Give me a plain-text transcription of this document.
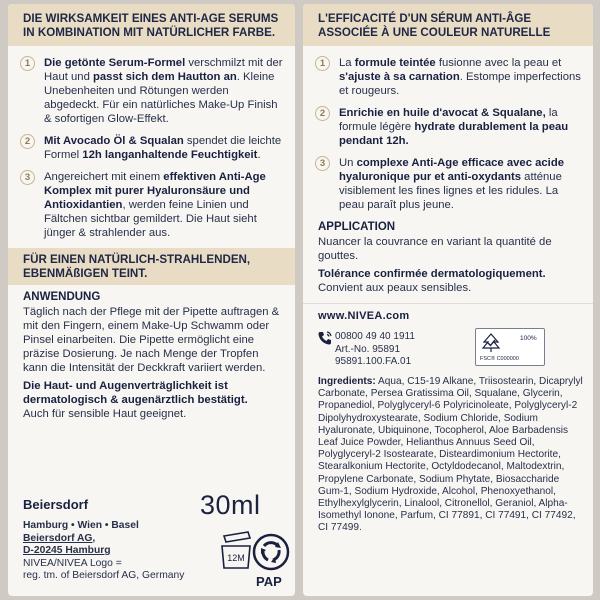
DIE WIRKSAMKEIT EINES ANTI-AGE SERUMS IN KOMBINATION MIT NATÜRLICHER FARBE.
1	Die getönte Serum-Formel verschmilzt mit der Haut und passt sich dem Hautton an. Kleine Unebenheiten und Rötungen werden abgedeckt. Für ein natürliches Make-Up Finish & sofortigen Glow-Effekt.
2	Mit Avocado Öl & Squalan spendet die leichte Formel 12h langanhaltende Feuchtigkeit.
3	Angereichert mit einem effektiven Anti-Age Komplex mit purer Hyaluronsäure und Antioxidantien, werden feine Linien und Fältchen sichtbar gemildert. Die Haut sieht jünger & strahlender aus.
FÜR EINEN NATÜRLICH-STRAHLENDEN, EBENMÄßIGEN TEINT.
ANWENDUNG
Täglich nach der Pflege mit der Pipette auftragen & mit den Fingern, einem Make-Up Schwamm oder Pinsel einarbeiten. Die Pipette ermöglicht eine präzise Dosierung. Je nach Menge der Tropfen kann die Intensität der Deckkraft variiert werden.
Die Haut- und Augenverträglichkeit ist dermatologisch & augenärztlich bestätigt.
Auch für sensible Haut geeignet.
Beiersdorf	30ml
Hamburg • Wien • Basel
Beiersdorf AG,
D-20245 Hamburg
NIVEA/NIVEA Logo =
reg. tm. of Beiersdorf AG, Germany
12M
PAP
L'EFFICACITÉ D'UN SÉRUM ANTI-ÂGE ASSOCIÉE À UNE COULEUR NATURELLE
1	La formule teintée fusionne avec la peau et s'ajuste à sa carnation. Estompe imperfections et rougeurs.
2	Enrichie en huile d'avocat & Squalane, la formule légère hydrate durablement la peau pendant 12h.
3	Un complexe Anti-Age efficace avec acide hyaluronique pur et anti-oxydants atténue visiblement les fines lignes et les ridules. La peau paraît plus jeune.
APPLICATION
Nuancer la couvrance en variant la quantité de gouttes.
Tolérance confirmée dermatologiquement.
Convient aux peaux sensibles.
www.NIVEA.com
00800 49 40 1911
Art.-No. 95891
95891.100.FA.01
100%
FSC® C000000
Ingredients: Aqua, C15-19 Alkane, Triisostearin, Dicaprylyl Carbonate, Persea Gratissima Oil, Squalane, Glycerin, Propanediol, Polyglyceryl-6 Polyricinoleate, Polyglyceryl-2 Dipolyhydroxystearate, Sodium Chloride, Sodium Hyaluronate, Ubiquinone, Tocopherol, Aloe Barbadensis Leaf Juice Powder, Helianthus Annuus Seed Oil, Polyglyceryl-2 Isostearate, Disteardimonium Hectorite, Stearalkonium Hectorite, Octyldodecanol, Maltodextrin, Propylene Carbonate, Sodium Phytate, Biosaccharide Gum-1, Sodium Hydroxide, Alcohol, Phenoxyethanol, Ethylhexylglycerin, Linalool, Citronellol, Geraniol, Alpha-Isomethyl Ionone, Parfum, CI 77891, CI 77491, CI 77492, CI 77499.
